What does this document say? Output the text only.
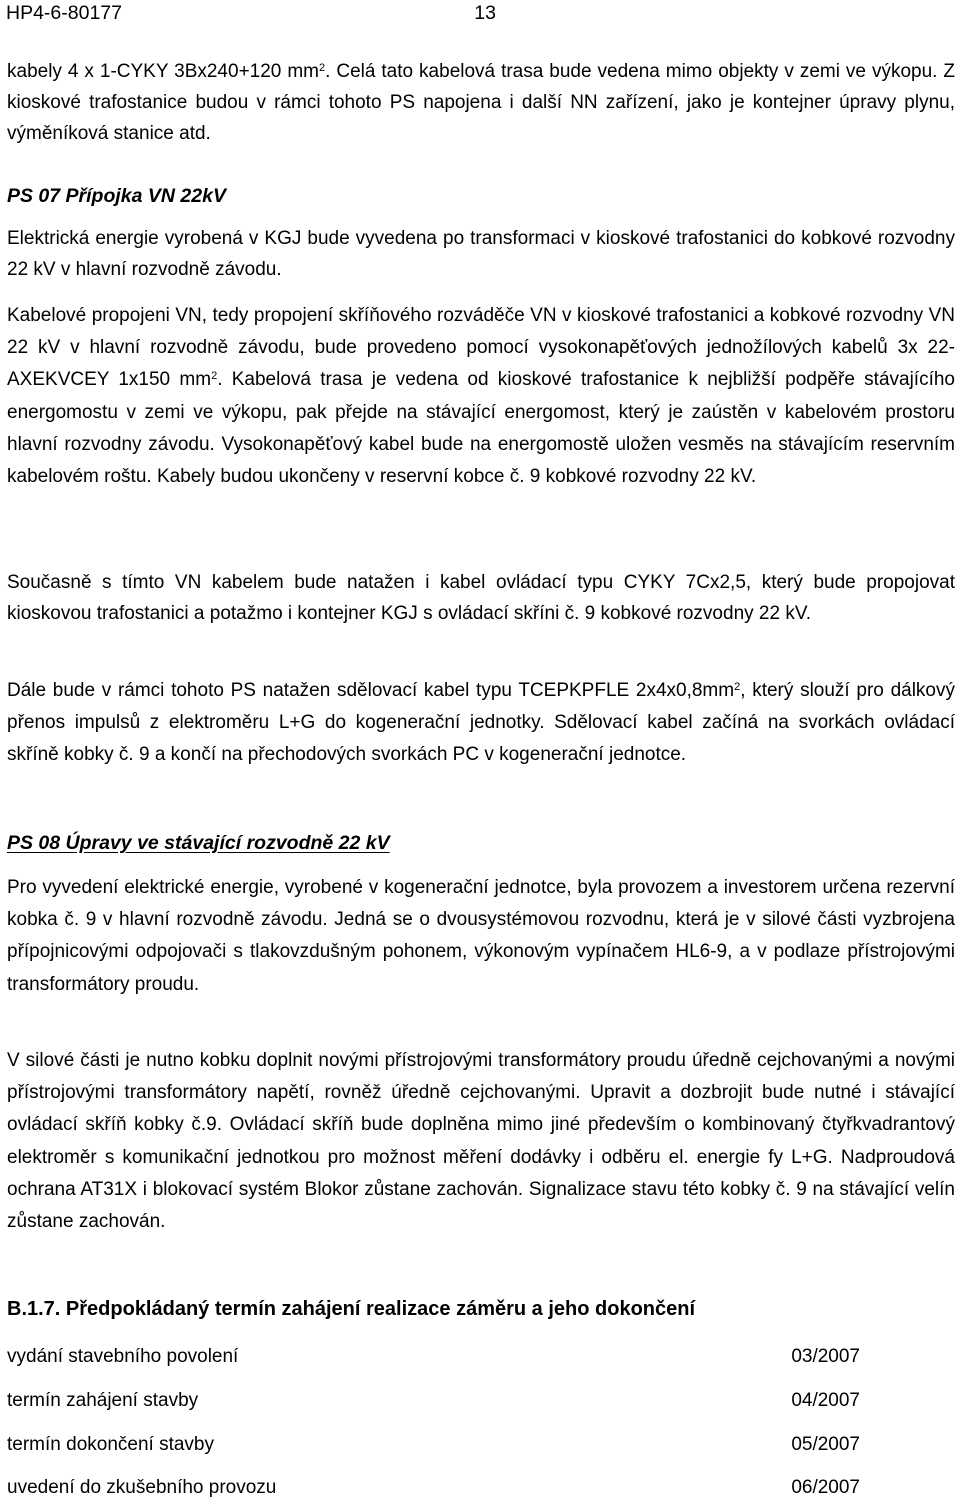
HP4-6-80177	13
kabely 4 x 1-CYKY 3Bx240+120 $mm^2$. Celá tato kabelová trasa bude vedena mimo objekty v zemi ve výkopu. Z kioskové trafostanice budou v rámci tohoto PS napojena i další NN zařízení, jako je kontejner úpravy plynu, výměníková stanice atd.
PS 07 Přípojka VN 22kV
Elektrická energie vyrobená v KGJ bude vyvedena po transformaci v kioskové trafostanici do kobkové rozvodny 22 kV v hlavní rozvodně závodu.
Kabelové propojeni VN, tedy propojení skříňového rozváděče VN v kioskové trafostanici a kobkové rozvodny VN 22 kV v hlavní rozvodně závodu, bude provedeno pomocí vysokonapěťových jednožílových kabelů 3x 22-AXEKVCEY 1x150 $mm^2$. Kabelová trasa je vedena od kioskové trafostanice k nejbližší podpěře stávajícího energomostu v zemi ve výkopu, pak přejde na stávající energomost, který je zaústěn v kabelovém prostoru hlavní rozvodny závodu. Vysokonapěťový kabel bude na energomostě uložen vesměs na stávajícím reservním kabelovém roštu. Kabely budou ukončeny v reservní kobce č. 9 kobkové rozvodny 22 kV.
Současně s tímto VN kabelem bude natažen i kabel ovládací typu CYKY 7Cx2,5, který bude propojovat kioskovou trafostanici a potažmo i kontejner KGJ s ovládací skříni č. 9 kobkové rozvodny 22 kV.
Dále bude v rámci tohoto PS natažen sdělovací kabel typu TCEPKPFLE $2x4x0,8mm^2$, který slouží pro dálkový přenos impulsů z elektroměru L+G do kogenerační jednotky. Sdělovací kabel začíná na svorkách ovládací skříně kobky č. 9 a končí na přechodových svorkách PC v kogenerační jednotce.
PS 08 Úpravy ve stávající rozvodně 22 kV
Pro vyvedení elektrické energie, vyrobené v kogenerační jednotce, byla provozem a investorem určena rezervní kobka č. 9 v hlavní rozvodně závodu. Jedná se o dvousystémovou rozvodnu, která je v silové části vyzbrojena přípojnicovými odpojovači s tlakovzdušným pohonem, výkonovým vypínačem HL6-9, a v podlaze přístrojovými transformátory proudu.
V silové části je nutno kobku doplnit novými přístrojovými transformátory proudu úředně cejchovanými a novými přístrojovými transformátory napětí, rovněž úředně cejchovanými. Upravit a dozbrojit bude nutné i stávající ovládací skříň kobky č.9. Ovládací skříň bude doplněna mimo jiné především o kombinovaný čtyřkvadrantový elektroměr s komunikační jednotkou pro možnost měření dodávky i odběru el. energie fy L+G. Nadproudová ochrana AT31X i blokovací systém Blokor zůstane zachován. Signalizace stavu této kobky č. 9 na stávající velín zůstane zachován.
B.1.7. Předpokládaný termín zahájení realizace záměru a jeho dokončení
vydání stavebního povolení	03/2007
termín zahájení stavby	04/2007
termín dokončení stavby	05/2007
uvedení do zkušebního provozu	06/2007
